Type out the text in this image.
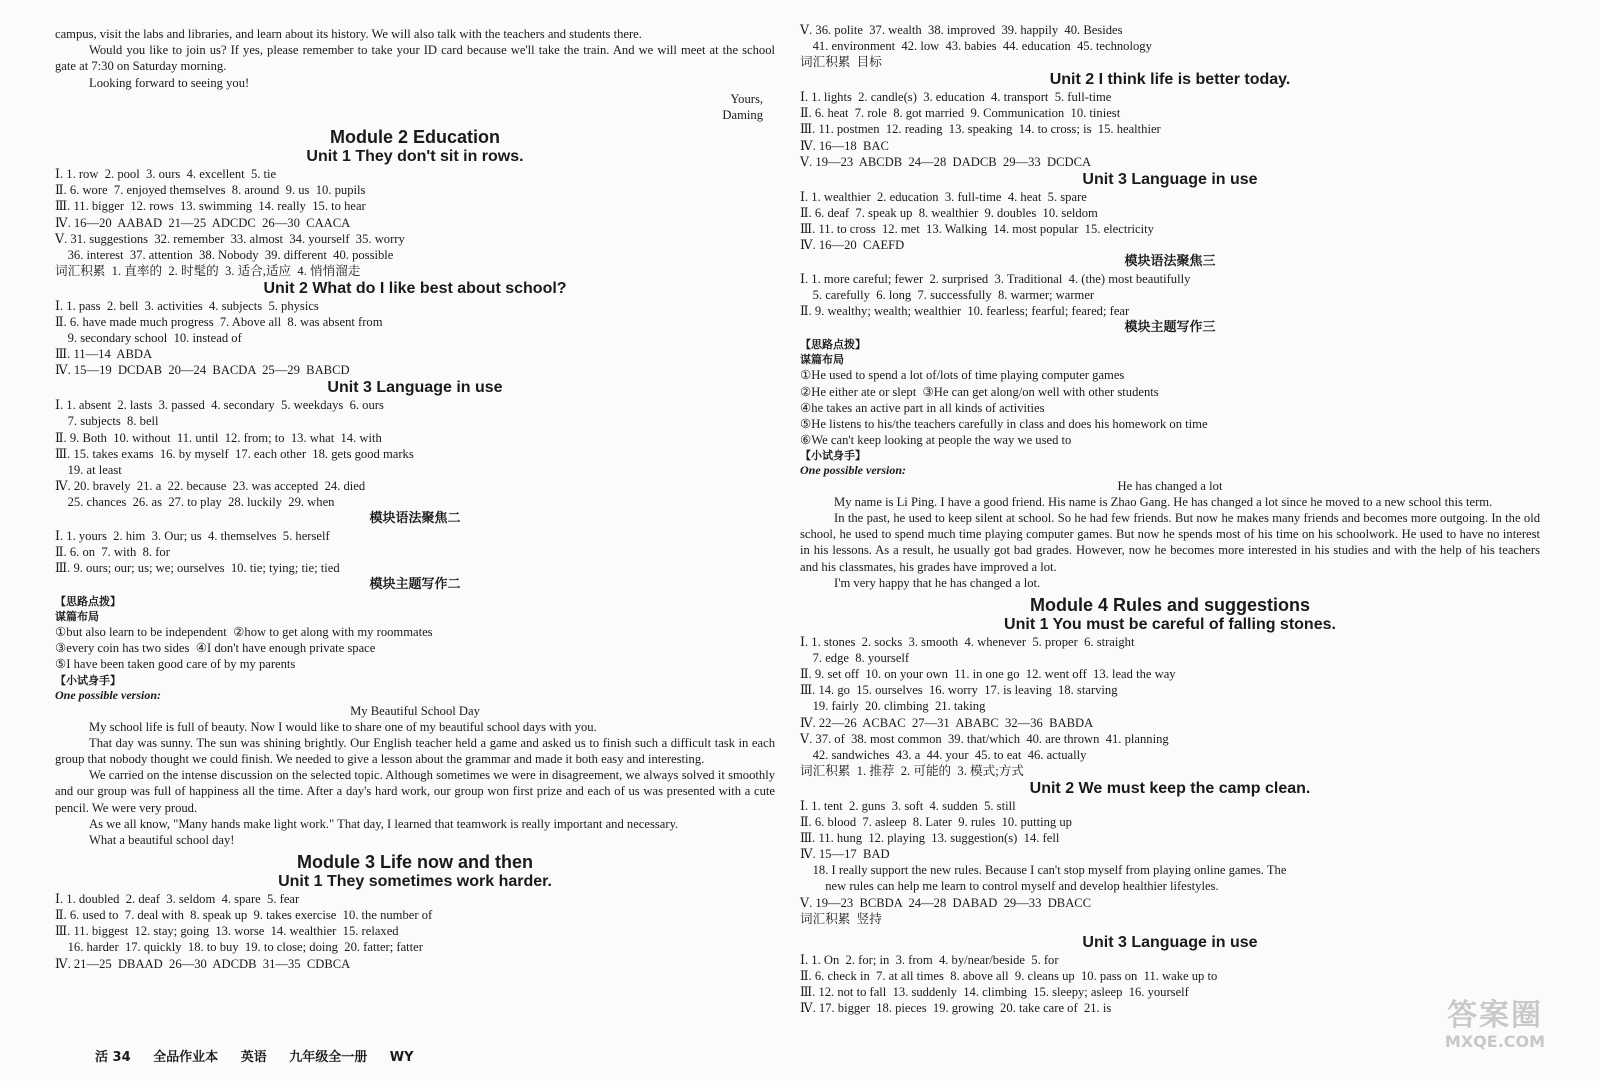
campus, visit the labs and libraries, and learn about its history. We will also talk with the teachers and students there.

Would you like to join us? If yes, please remember to take your ID card because we'll take the train. And we will meet at the school gate at 7:30 on Saturday morning.

Looking forward to seeing you!

Yours,

Daming

Module 2 Education

Unit 1 They don't sit in rows.

Ⅰ. 1. row  2. pool  3. ours  4. excellent  5. tie

Ⅱ. 6. wore  7. enjoyed themselves  8. around  9. us  10. pupils

Ⅲ. 11. bigger  12. rows  13. swimming  14. really  15. to hear

Ⅳ. 16—20  AABAD  21—25  ADCDC  26—30  CAACA

Ⅴ. 31. suggestions  32. remember  33. almost  34. yourself  35. worry

36. interest  37. attention  38. Nobody  39. different  40. possible

词汇积累  1. 直率的  2. 时髦的  3. 适合,适应  4. 悄悄溜走

Unit 2 What do I like best about school?

Ⅰ. 1. pass  2. bell  3. activities  4. subjects  5. physics

Ⅱ. 6. have made much progress  7. Above all  8. was absent from

9. secondary school  10. instead of

Ⅲ. 11—14  ABDA

Ⅳ. 15—19  DCDAB  20—24  BACDA  25—29  BABCD

Unit 3 Language in use

Ⅰ. 1. absent  2. lasts  3. passed  4. secondary  5. weekdays  6. ours

7. subjects  8. bell

Ⅱ. 9. Both  10. without  11. until  12. from; to  13. what  14. with

Ⅲ. 15. takes exams  16. by myself  17. each other  18. gets good marks

19. at least

Ⅳ. 20. bravely  21. a  22. because  23. was accepted  24. died

25. chances  26. as  27. to play  28. luckily  29. when

模块语法聚焦二

Ⅰ. 1. yours  2. him  3. Our; us  4. themselves  5. herself

Ⅱ. 6. on  7. with  8. for

Ⅲ. 9. ours; our; us; we; ourselves  10. tie; tying; tie; tied

模块主题写作二

【思路点拨】

谋篇布局

①but also learn to be independent  ②how to get along with my roommates

③every coin has two sides  ④I don't have enough private space

⑤I have been taken good care of by my parents

【小试身手】

One possible version:

My Beautiful School Day

My school life is full of beauty. Now I would like to share one of my beautiful school days with you.

That day was sunny. The sun was shining brightly. Our English teacher held a game and asked us to finish such a difficult task in each group that nobody thought we could finish. We needed to give a lesson about the grammar and made it both easy and interesting.

We carried on the intense discussion on the selected topic. Although sometimes we were in disagreement, we always solved it smoothly and our group was full of happiness all the time. After a day's hard work, our group won first prize and each of us was presented with a cute pencil. We were very proud.

As we all know, "Many hands make light work." That day, I learned that teamwork is really important and necessary.

What a beautiful school day!

Module 3 Life now and then

Unit 1 They sometimes work harder.

Ⅰ. 1. doubled  2. deaf  3. seldom  4. spare  5. fear

Ⅱ. 6. used to  7. deal with  8. speak up  9. takes exercise  10. the number of

Ⅲ. 11. biggest  12. stay; going  13. worse  14. wealthier  15. relaxed

16. harder  17. quickly  18. to buy  19. to close; doing  20. fatter; fatter

Ⅳ. 21—25  DBAAD  26—30  ADCDB  31—35  CDBCA

Ⅴ. 36. polite  37. wealth  38. improved  39. happily  40. Besides

41. environment  42. low  43. babies  44. education  45. technology

词汇积累  目标

Unit 2 I think life is better today.

Ⅰ. 1. lights  2. candle(s)  3. education  4. transport  5. full-time

Ⅱ. 6. heat  7. role  8. got married  9. Communication  10. tiniest

Ⅲ. 11. postmen  12. reading  13. speaking  14. to cross; is  15. healthier

Ⅳ. 16—18  BAC

Ⅴ. 19—23  ABCDB  24—28  DADCB  29—33  DCDCA

Unit 3 Language in use

Ⅰ. 1. wealthier  2. education  3. full-time  4. heat  5. spare

Ⅱ. 6. deaf  7. speak up  8. wealthier  9. doubles  10. seldom

Ⅲ. 11. to cross  12. met  13. Walking  14. most popular  15. electricity

Ⅳ. 16—20  CAEFD

模块语法聚焦三

Ⅰ. 1. more careful; fewer  2. surprised  3. Traditional  4. (the) most beautifully

5. carefully  6. long  7. successfully  8. warmer; warmer

Ⅱ. 9. wealthy; wealth; wealthier  10. fearless; fearful; feared; fear

模块主题写作三

【思路点拨】

谋篇布局

①He used to spend a lot of/lots of time playing computer games

②He either ate or slept  ③He can get along/on well with other students

④he takes an active part in all kinds of activities

⑤He listens to his/the teachers carefully in class and does his homework on time

⑥We can't keep looking at people the way we used to

【小试身手】

One possible version:

He has changed a lot

My name is Li Ping. I have a good friend. His name is Zhao Gang. He has changed a lot since he moved to a new school this term.

In the past, he used to keep silent at school. So he had few friends. But now he makes many friends and becomes more outgoing. In the old school, he used to spend much time playing computer games. But now he spends most of his time on his schoolwork. He used to have no interest in his lessons. As a result, he usually got bad grades. However, now he becomes more interested in his studies and with the help of his teachers and his classmates, his grades have improved a lot.

I'm very happy that he has changed a lot.

Module 4 Rules and suggestions

Unit 1 You must be careful of falling stones.

Ⅰ. 1. stones  2. socks  3. smooth  4. whenever  5. proper  6. straight

7. edge  8. yourself

Ⅱ. 9. set off  10. on your own  11. in one go  12. went off  13. lead the way

Ⅲ. 14. go  15. ourselves  16. worry  17. is leaving  18. starving

19. fairly  20. climbing  21. taking

Ⅳ. 22—26  ACBAC  27—31  ABABC  32—36  BABDA

Ⅴ. 37. of  38. most common  39. that/which  40. are thrown  41. planning

42. sandwiches  43. a  44. your  45. to eat  46. actually

词汇积累  1. 推荐  2. 可能的  3. 模式;方式

Unit 2 We must keep the camp clean.

Ⅰ. 1. tent  2. guns  3. soft  4. sudden  5. still

Ⅱ. 6. blood  7. asleep  8. Later  9. rules  10. putting up

Ⅲ. 11. hung  12. playing  13. suggestion(s)  14. fell

Ⅳ. 15—17  BAD

18. I really support the new rules. Because I can't stop myself from playing online games. The

new rules can help me learn to control myself and develop healthier lifestyles.

Ⅴ. 19—23  BCBDA  24—28  DABAD  29—33  DBACC

词汇积累  竖持

Unit 3 Language in use

Ⅰ. 1. On  2. for; in  3. from  4. by/near/beside  5. for

Ⅱ. 6. check in  7. at all times  8. above all  9. cleans up  10. pass on  11. wake up to

Ⅲ. 12. not to fall  13. suddenly  14. climbing  15. sleepy; asleep  16. yourself

Ⅳ. 17. bigger  18. pieces  19. growing  20. take care of  21. is

活 34 全品作业本 英语 九年级全一册 WY
答案圈
MXQE.COM
